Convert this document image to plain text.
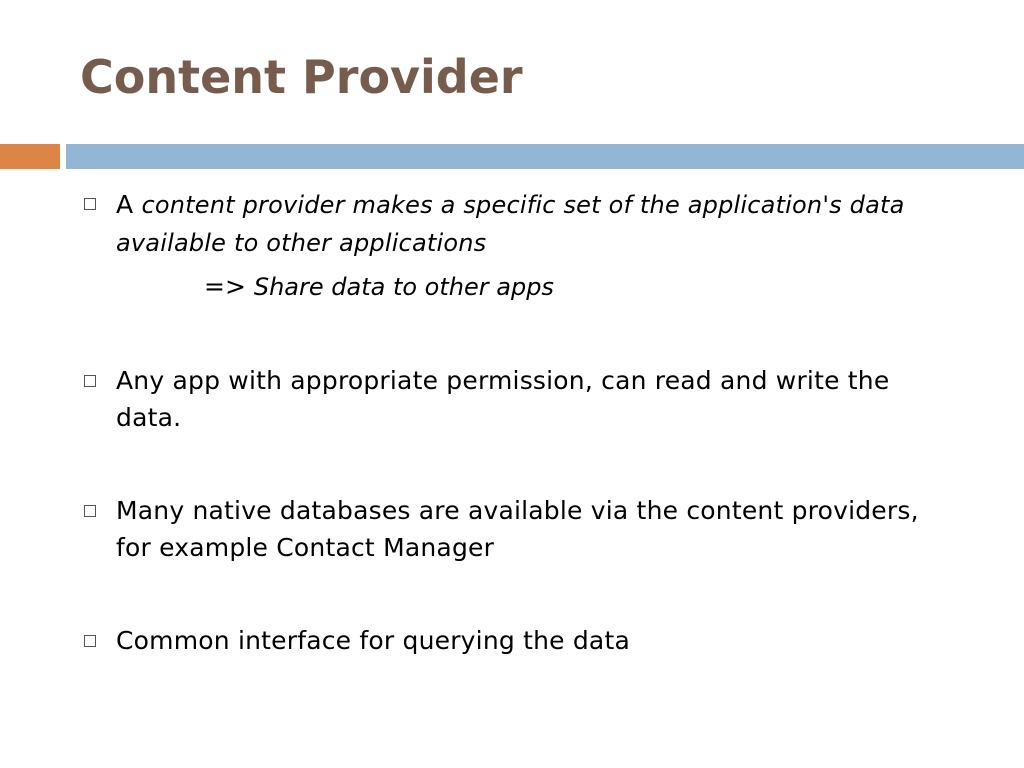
Content Provider
A content provider makes a specific set of the application's data available to other applications
Any app with appropriate permission, can read and write the data.
Many native databases are available via the content providers, for example Contact Manager
Common interface for querying the data
=> Share data to other apps
